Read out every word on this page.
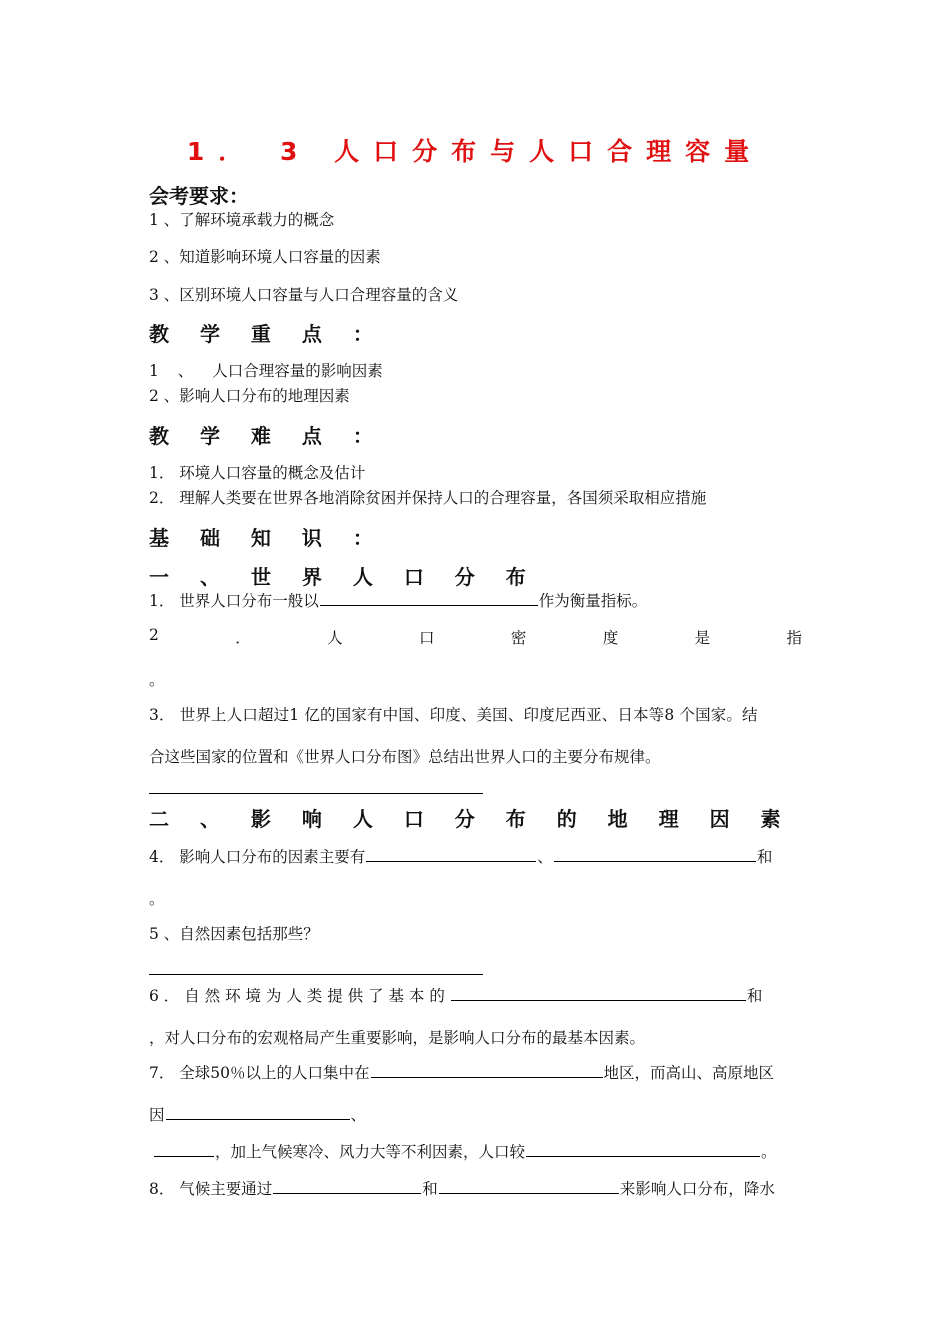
1． 3 人口分布与人口合理容量
会考要求：
1 、了解环境承载力的概念
2 、知道影响环境人口容量的因素
3 、区别环境人口容量与人口合理容量的含义
教 学 重 点 ：
1 、 人口合理容量的影响因素
2 、影响人口分布的地理因素
教 学 难 点 ：
1． 环境人口容量的概念及估计
2． 理解人类要在世界各地消除贫困并保持人口的合理容量，各国须采取相应措施
基 础 知 识 ：
一 、 世 界 人 口 分 布
1． 世界人口分布一般以	作为衡量指标。
2	．	人	口	密	度	是	指
。
3． 世界上人口超过1 亿的国家有中国、印度、美国、印度尼西亚、日本等8 个国家。结
合这些国家的位置和《世界人口分布图》总结出世界人口的主要分布规律。
二 、 影 响 人 口 分 布 的 地 理 因 素
4． 影响人口分布的因素主要有	、	和
。
5 、自然因素包括那些？
6 ． 自 然 环 境 为 人 类 提 供 了 基 本 的	和
，对人口分布的宏观格局产生重要影响，是影响人口分布的最基本因素。
7． 全球50％以上的人口集中在	地区，而高山、高原地区
因	、
，加上气候寒冷、风力大等不利因素，人口较	。
8． 气候主要通过	和	来影响人口分布，降水
